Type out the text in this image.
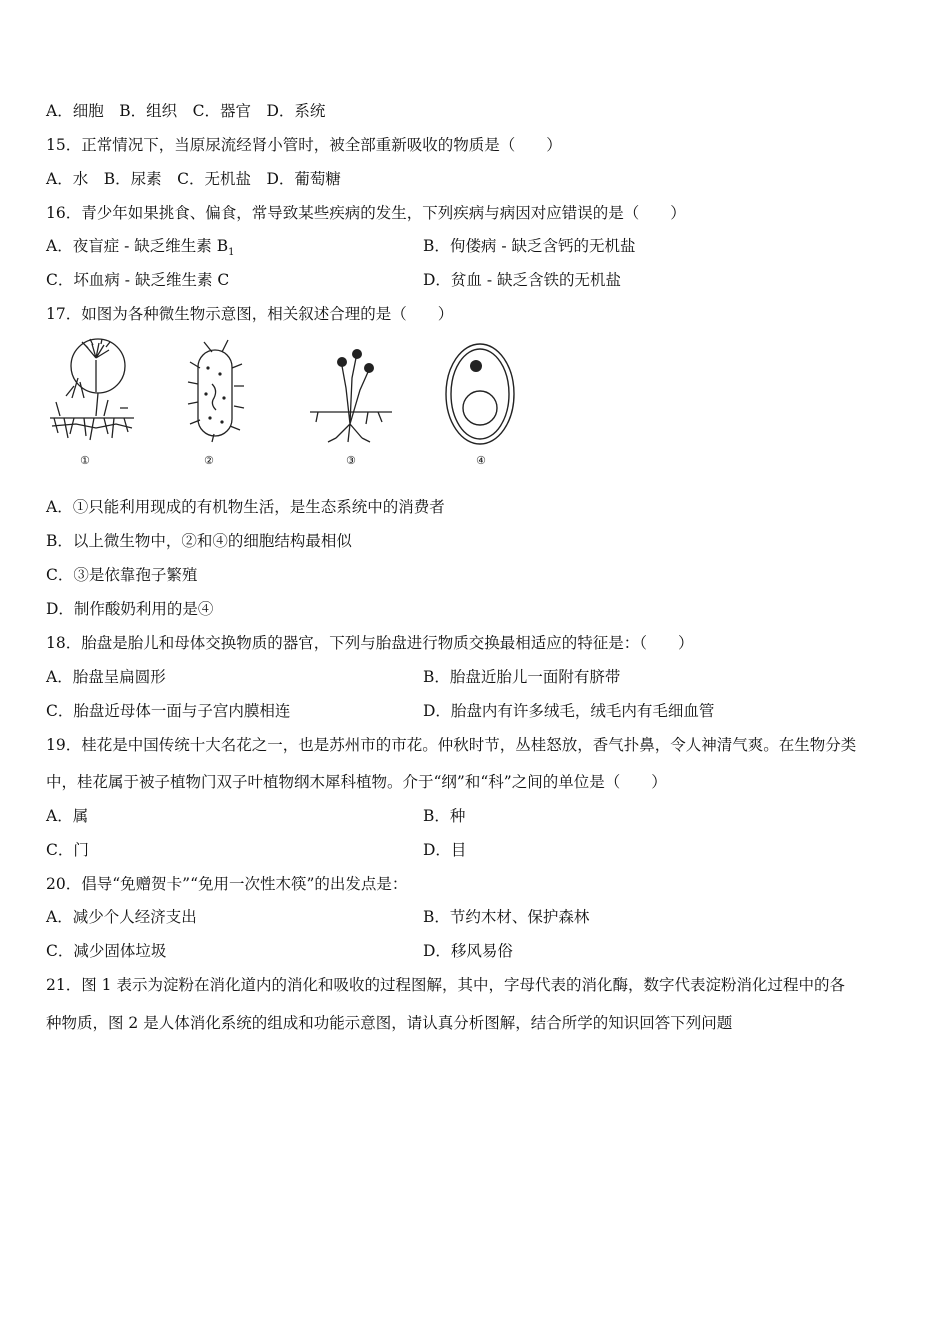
A．细胞　B．组织　C．器官　D．系统
15．正常情况下，当原尿流经肾小管时，被全部重新吸收的物质是（　　）
A．水　B．尿素　C．无机盐　D．葡萄糖
16．青少年如果挑食、偏食，常导致某些疾病的发生，下列疾病与病因对应错误的是（　　）
A．夜盲症 - 缺乏维生素 $B_1$	B．佝偻病 - 缺乏含钙的无机盐
C．坏血病 - 缺乏维生素 C	D．贫血 - 缺乏含铁的无机盐
17．如图为各种微生物示意图，相关叙述合理的是（　　）
①	②	③	④
A．①只能利用现成的有机物生活，是生态系统中的消费者
B．以上微生物中，②和④的细胞结构最相似
C．③是依靠孢子繁殖
D．制作酸奶利用的是④
18．胎盘是胎儿和母体交换物质的器官，下列与胎盘进行物质交换最相适应的特征是：（　　）
A．胎盘呈扁圆形	B．胎盘近胎儿一面附有脐带
C．胎盘近母体一面与子宫内膜相连	D．胎盘内有许多绒毛，绒毛内有毛细血管
19．桂花是中国传统十大名花之一，也是苏州市的市花。仲秋时节，丛桂怒放，香气扑鼻，令人神清气爽。在生物分类
中，桂花属于被子植物门双子叶植物纲木犀科植物。介于“纲”和“科”之间的单位是（　　）
A．属	B．种
C．门	D．目
20．倡导“免赠贺卡”“免用一次性木筷”的出发点是：
A．减少个人经济支出	B．节约木材、保护森林
C．减少固体垃圾	D．移风易俗
21．图 1 表示为淀粉在消化道内的消化和吸收的过程图解，其中，字母代表的消化酶，数字代表淀粉消化过程中的各
种物质，图 2 是人体消化系统的组成和功能示意图，请认真分析图解，结合所学的知识回答下列问题
